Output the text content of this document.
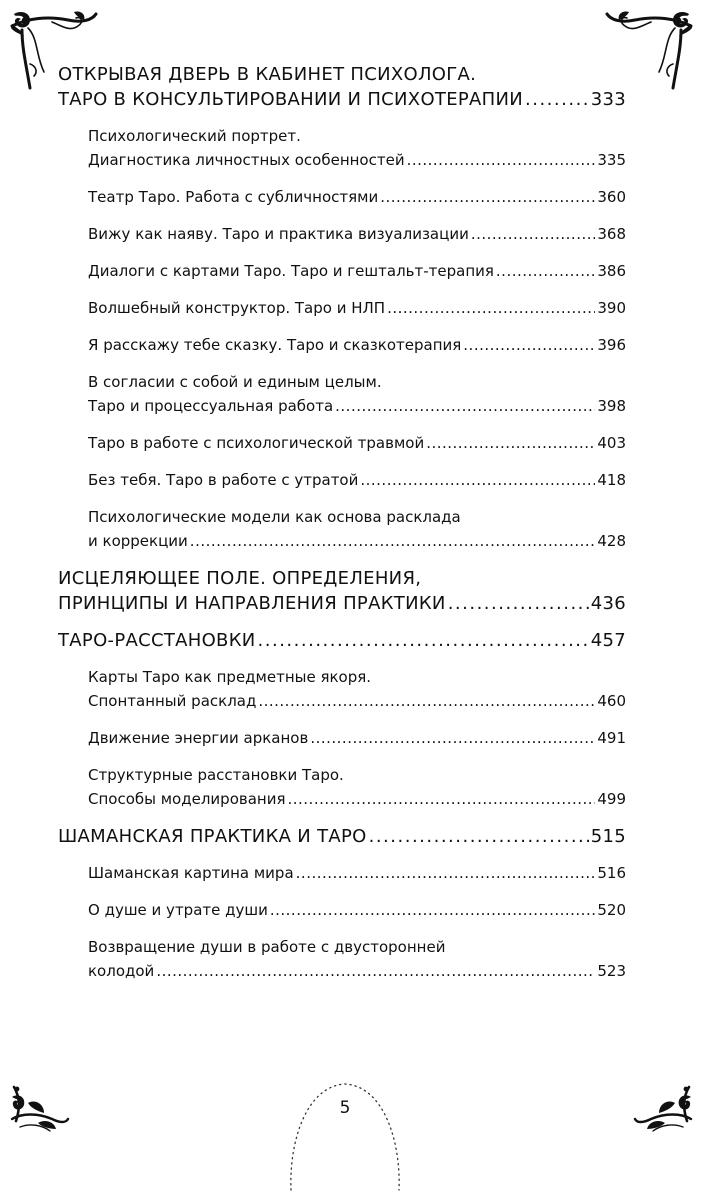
ОТКРЫВАЯ ДВЕРЬ В КАБИНЕТ ПСИХОЛОГА.
ТАРО В КОНСУЛЬТИРОВАНИИ И ПСИХОТЕРАПИИ .....	333
Психологический портрет.
Диагностика личностных особенностей .....	335
Театр Таро. Работа с субличностями .....	360
Вижу как наяву. Таро и практика визуализации .....	368
Диалоги с картами Таро. Таро и гештальт-терапия .....	386
Волшебный конструктор. Таро и НЛП .....	390
Я расскажу тебе сказку. Таро и сказкотерапия .....	396
В согласии с собой и единым целым.
Таро и процессуальная работа .....	398
Таро в работе с психологической травмой .....	403
Без тебя. Таро в работе с утратой .....	418
Психологические модели как основа расклада
и коррекции .....	428
ИСЦЕЛЯЮЩЕЕ ПОЛЕ. ОПРЕДЕЛЕНИЯ,
ПРИНЦИПЫ И НАПРАВЛЕНИЯ ПРАКТИКИ .....	436
ТАРО-РАССТАНОВКИ .....	457
Карты Таро как предметные якоря.
Спонтанный расклад .....	460
Движение энергии арканов .....	491
Структурные расстановки Таро.
Способы моделирования .....	499
ШАМАНСКАЯ ПРАКТИКА И ТАРО .....	515
Шаманская картина мира .....	516
О душе и утрате души .....	520
Возвращение души в работе с двусторонней
колодой .....	523
5
